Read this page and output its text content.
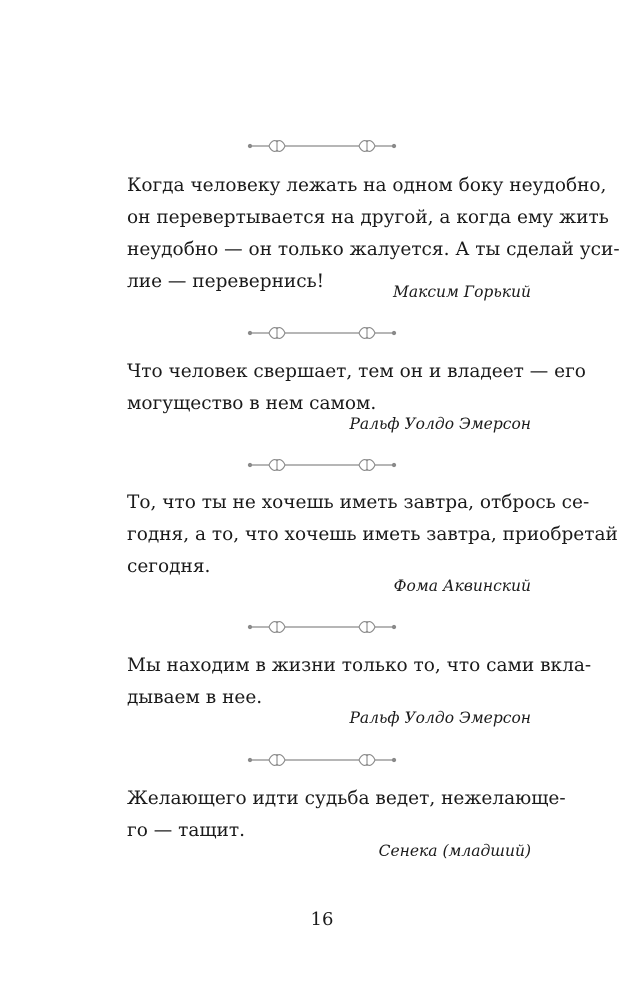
Когда человеку лежать на одном боку неудобно,
он перевертывается на другой, а когда ему жить
неудобно — он только жалуется. А ты сделай уси-
лие — перевернись!	Максим Горький
Что человек свершает, тем он и владеет — его
могущество в нем самом.
Ральф Уолдо Эмерсон
То, что ты не хочешь иметь завтра, отбрось се-
годня, а то, что хочешь иметь завтра, приобретай
сегодня.
Фома Аквинский
Мы находим в жизни только то, что сами вкла-
дываем в нее.
Ральф Уолдо Эмерсон
Желающего идти судьба ведет, нежелающе-
го — тащит.
Сенека (младший)
16
